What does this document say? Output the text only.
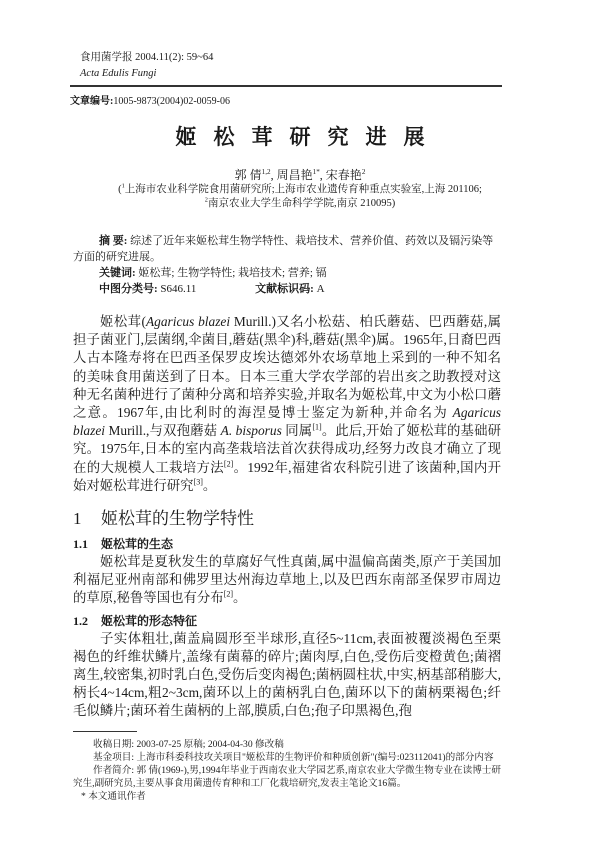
食用菌学报 2004.11(2): 59~64
Acta Edulis Fungi
文章编号:1005-9873(2004)02-0059-06
姬松茸研究进展
郭 倩$^{1,2}$, 周昌艳$^{1*}$, 宋春艳$^2$
($^1$上海市农业科学院食用菌研究所;上海市农业遗传育种重点实验室,上海 201106;
$^2$南京农业大学生命科学学院,南京 210095)
摘 要: 综述了近年来姬松茸生物学特性、栽培技术、营养价值、药效以及镉污染等方面的研究进展。
关键词: 姬松茸; 生物学特性; 栽培技术; 营养; 镉
中图分类号: S646.11	文献标识码: A

姬松茸(Agaricus blazei Murill.)又名小松菇、柏氏蘑菇、巴西蘑菇,属担子菌亚门,层菌纲,伞菌目,蘑菇(黑伞)科,蘑菇(黑伞)属。1965年,日裔巴西人古本隆寿将在巴西圣保罗皮埃达德郊外农场草地上采到的一种不知名的美味食用菌送到了日本。日本三重大学农学部的岩出亥之助教授对这种无名菌种进行了菌种分离和培养实验,并取名为姬松茸,中文为小松口蘑之意。1967年,由比利时的海涅曼博士鉴定为新种,并命名为 Agaricus blazei Murill.,与双孢蘑菇 A. bisporus 同属[1]。此后,开始了姬松茸的基础研究。1975年,日本的室内高垄栽培法首次获得成功,经努力改良才确立了现在的大规模人工栽培方法[2]。1992年,福建省农科院引进了该菌种,国内开始对姬松茸进行研究[3]。

1 姬松茸的生物学特性
1.1 姬松茸的生态

姬松茸是夏秋发生的草腐好气性真菌,属中温偏高菌类,原产于美国加利福尼亚州南部和佛罗里达州海边草地上,以及巴西东南部圣保罗市周边的草原,秘鲁等国也有分布[2]。

1.2 姬松茸的形态特征

子实体粗壮,菌盖扁圆形至半球形,直径5~11cm,表面被覆淡褐色至栗褐色的纤维状鳞片,盖缘有菌幕的碎片;菌肉厚,白色,受伤后变橙黄色;菌褶离生,较密集,初时乳白色,受伤后变肉褐色;菌柄圆柱状,中实,柄基部稍膨大,柄长4~14cm,粗2~3cm,菌环以上的菌柄乳白色,菌环以下的菌柄栗褐色;纤毛似鳞片;菌环着生菌柄的上部,膜质,白色;孢子印黑褐色,孢

收稿日期: 2003-07-25 原稿; 2004-04-30 修改稿

基金项目: 上海市科委科技攻关项目"姬松茸的生物评价和种质创新"(编号:023112041)的部分内容

作者简介: 郭 倩(1969-),男,1994年毕业于西南农业大学园艺系,南京农业大学微生物专业在读博士研究生,副研究员,主要从事食用菌遗传育种和工厂化栽培研究,发表主笔论文16篇。

* 本文通讯作者
